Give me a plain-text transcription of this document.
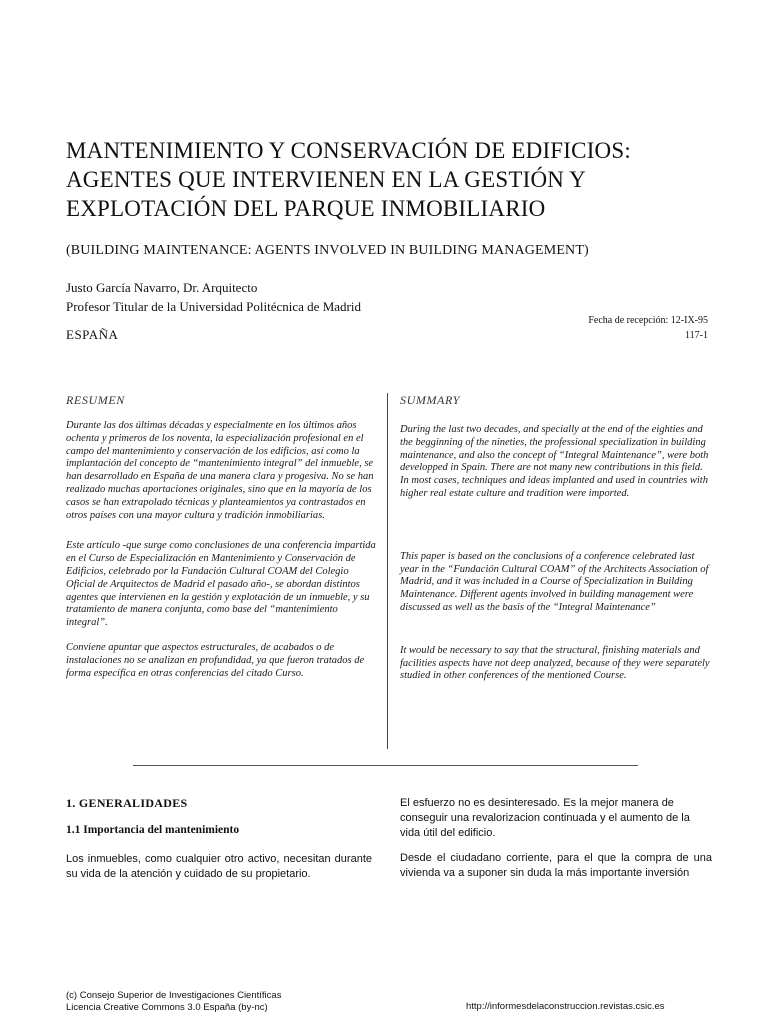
MANTENIMIENTO Y CONSERVACIÓN DE EDIFICIOS:
AGENTES QUE INTERVIENEN EN LA GESTIÓN Y
EXPLOTACIÓN DEL PARQUE INMOBILIARIO
(BUILDING MAINTENANCE: AGENTS INVOLVED IN BUILDING MANAGEMENT)
Justo García Navarro, Dr. Arquitecto
Profesor Titular de la Universidad Politécnica de Madrid
ESPAÑA
Fecha de recepción: 12-IX-95
117-1
RESUMEN

Durante las dos últimas décadas y especialmente en los últimos años ochenta y primeros de los noventa, la especialización profesional en el campo del mantenimiento y conservación de los edificios, así como la implantación del concepto de “mantenimiento integral” del inmueble, se han desarrollado en España de una manera clara y progesiva. No se han realizado muchas aportaciones originales, sino que en la mayoría de los casos se han extrapolado técnicas y planteamientos ya contrastados en otros países con una mayor cultura y tradición inmobiliarias.

Este artículo -que surge como conclusiones de una conferencia impartida en el Curso de Especialización en Mantenimiento y Conservación de Edificios, celebrado por la Fundación Cultural COAM del Colegio Oficial de Arquitectos de Madrid el pasado año-, se abordan distintos agentes que intervienen en la gestión y explotación de un inmueble, y su tratamiento de manera conjunta, como base del “mantenimiento integral”.

Conviene apuntar que aspectos estructurales, de acabados o de instalaciones no se analizan en profundidad, ya que fueron tratados de forma específica en otras conferencias del citado Curso.

SUMMARY

During the last two decades, and specially at the end of the eighties and the begginning of the nineties, the professional specialization in building maintenance, and also the concept of “Integral Maintenance”, were both developped in Spain. There are not many new contributions in this field. In most cases, techniques and ideas implanted and used in countries with higher real estate culture and tradition were imported.

This paper is based on the conclusions of a conference celebrated last year in the “Fundación Cultural COAM” of the Architects Association of Madrid, and it was included in a Course of Specialization in Building Maintenance. Different agents involved in building management were discussed as well as the basis of the “Integral Maintenance”

It would be necessary to say that the structural, finishing materials and facilities aspects have not deep analyzed, because of they were separately studied in other conferences of the mentioned Course.

1. GENERALIDADES
1.1 Importancia del mantenimiento

Los inmuebles, como cualquier otro activo, necesitan durante su vida de la atención y cuidado de su propietario.

El esfuerzo no es desinteresado. Es la mejor manera de conseguir una revalorizacion continuada y el aumento de la vida útil del edificio.

Desde el ciudadano corriente, para el que la compra de una vivienda va a suponer sin duda la más importante inversión

(c) Consejo Superior de Investigaciones Científicas
Licencia Creative Commons 3.0 España (by-nc)	http://informesdelaconstruccion.revistas.csic.es
